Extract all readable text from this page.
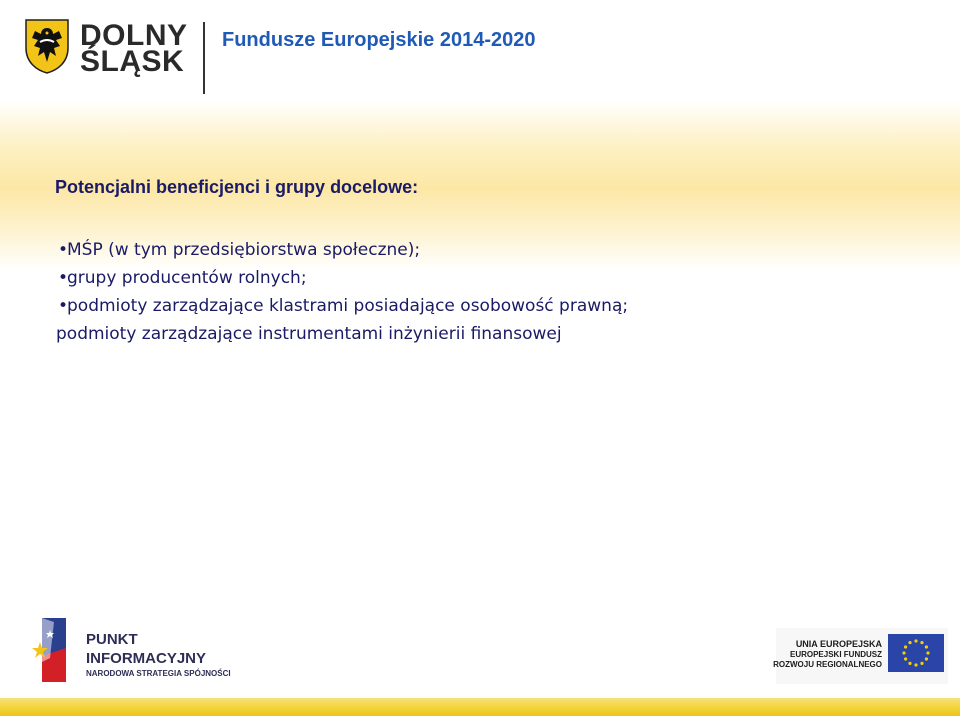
DOLNY
ŚLĄSK
Fundusze Europejskie 2014-2020
Potencjalni beneficjenci i grupy docelowe:
•MŚP (w tym przedsiębiorstwa społeczne);
•grupy producentów rolnych;
•podmioty zarządzające klastrami posiadające osobowość prawną;
podmioty zarządzające instrumentami inżynierii finansowej
PUNKT
INFORMACYJNY
NARODOWA STRATEGIA SPÓJNOŚCI
UNIA EUROPEJSKA
EUROPEJSKI FUNDUSZ
ROZWOJU REGIONALNEGO
